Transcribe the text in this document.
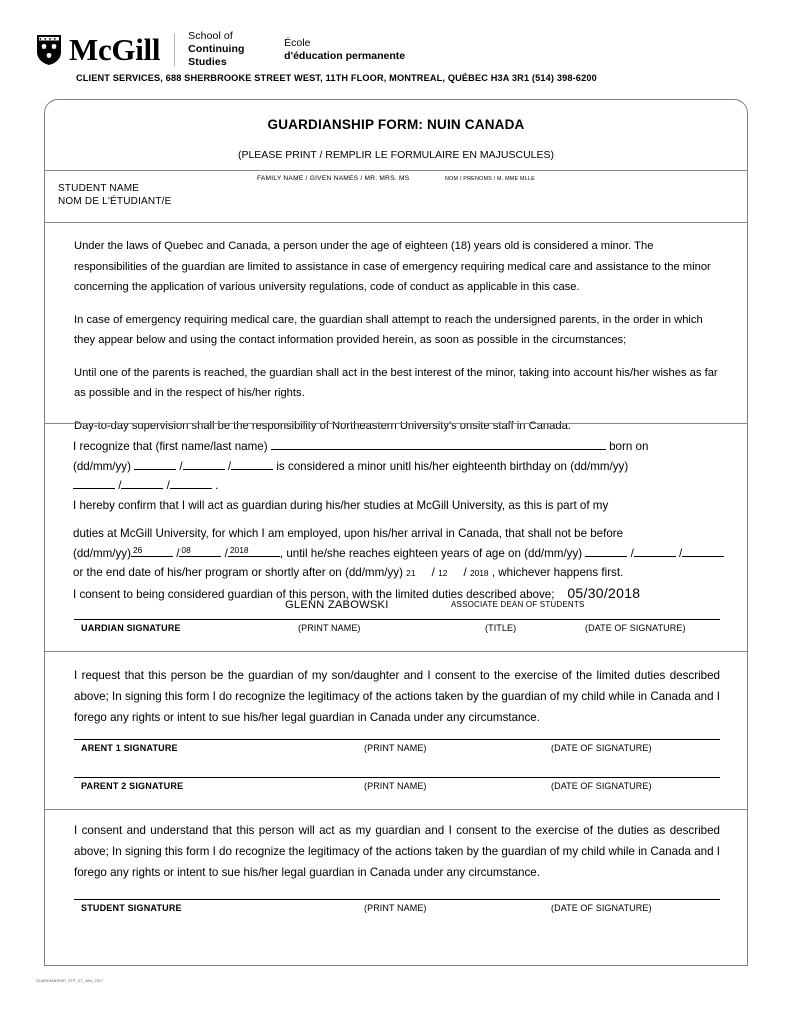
McGill	School of
Continuing Studies
École
d'éducation permanente
CLIENT SERVICES, 688 SHERBROOKE STREET WEST, 11TH FLOOR, MONTREAL, QUÉBEC H3A 3R1 (514) 398-6200
GUARDIANSHIP FORM: NUIN CANADA
(PLEASE PRINT / REMPLIR LE FORMULAIRE EN MAJUSCULES)
STUDENT NAME
NOM DE L'ÉTUDIANT/E
FAMILY NAME / GIVEN NAMES / MR. MRS. MS	NOM / PRENOMS / M. MME MLLE

Under the laws of Quebec and Canada, a person under the age of eighteen (18) years old is considered a minor. The responsibilities of the guardian are limited to assistance in case of emergency requiring medical care and assistance to the minor concerning the application of various university regulations, code of conduct as applicable in this case.

In case of emergency requiring medical care, the guardian shall attempt to reach the undersigned parents, in the order in which they appear below and using the contact information provided herein, as soon as possible in the circumstances;

Until one of the parents is reached, the guardian shall act in the best interest of the minor, taking into account his/her wishes as far as possible and in the respect of his/her rights.

Day-to-day supervision shall be the responsibility of Northeastern University's onsite staff in Canada.

I recognize that (first name/last name)	born on
(dd/mm/yy)	/	/	is considered a minor unitl his/her eighteenth birthday on (dd/mm/yy)
/	/	.
I hereby confirm that I will act as guardian during his/her studies at McGill University, as this is part of my
duties at McGill University, for which I am employed, upon his/her arrival in Canada, that shall not be before
(dd/mm/yy) 26	/ 08	/ 2018	, until he/she reaches eighteen years of age on (dd/mm/yy)	/	/
or the end date of his/her program or shortly after on (dd/mm/yy) 21     / 12     / 2018 , whichever happens first.
I consent to being considered guardian of this person, with the limited duties described above; 05/30/2018
GLENN ZABOWSKI	ASSOCIATE DEAN OF STUDENTS
UARDIAN SIGNATURE	(PRINT NAME)	(TITLE)	(DATE OF SIGNATURE)

I request that this person be the guardian of my son/daughter and I consent to the exercise of the limited duties described above; In signing this form I do recognize the legitimacy of the actions taken by the guardian of my child while in Canada and I forego any rights or intent to sue his/her legal guardian in Canada under any circumstance.

ARENT 1 SIGNATURE	(PRINT NAME)	(DATE OF SIGNATURE)
PARENT 2 SIGNATURE	(PRINT NAME)	(DATE OF SIGNATURE)

I consent and understand that this person will act as my guardian and I consent to the exercise of the duties as described above; In signing this form I do recognize the legitimacy of the actions taken by the guardian of my child while in Canada and I forego any rights or intent to sue his/her legal guardian in Canada under any circumstance.

STUDENT SIGNATURE	(PRINT NAME)	(DATE OF SIGNATURE)
GUARDIANSHIP_STP_VT_JAN_2017
